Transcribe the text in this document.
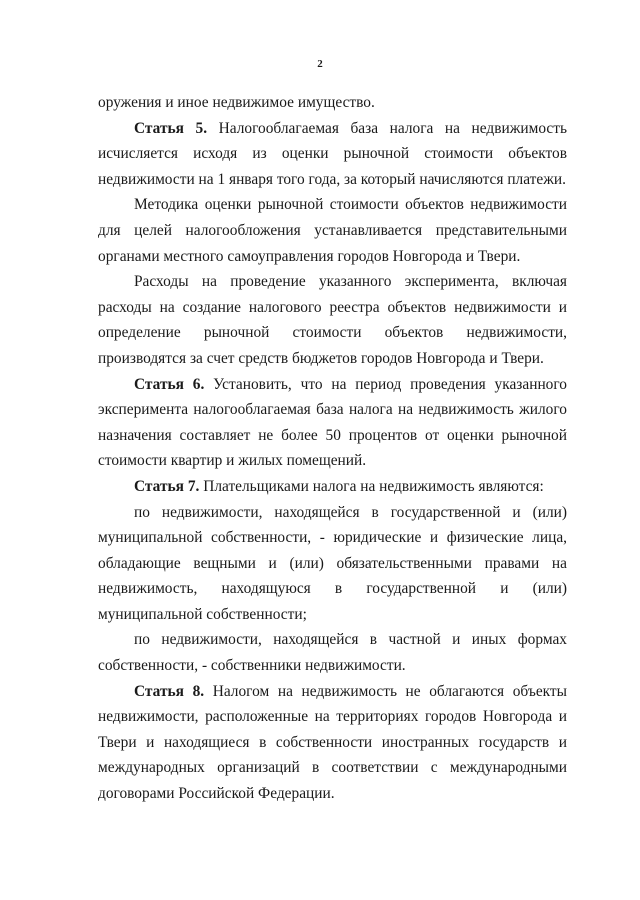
2

оружения и иное недвижимое имущество.

Статья 5. Налогооблагаемая база налога на недвижимость исчисляется исходя из оценки рыночной стоимости объектов недвижимости на 1 января того года, за который начисляются платежи.

Методика оценки рыночной стоимости объектов недвижимости для целей налогообложения устанавливается представительными органами местного самоуправления городов Новгорода и Твери.

Расходы на проведение указанного эксперимента, включая расходы на создание налогового реестра объектов недвижимости и определение рыночной стоимости объектов недвижимости, производятся за счет средств бюджетов городов Новгорода и Твери.

Статья 6. Установить, что на период проведения указанного эксперимента налогооблагаемая база налога на недвижимость жилого назначения составляет не более 50 процентов от оценки рыночной стоимости квартир и жилых помещений.

Статья 7. Плательщиками налога на недвижимость являются:

по недвижимости, находящейся в государственной и (или) муниципальной собственности, - юридические и физические лица, обладающие вещными и (или) обязательственными правами на недвижимость, находящуюся в государственной и (или) муниципальной собственности;

по недвижимости, находящейся в частной и иных формах собственности, - собственники недвижимости.

Статья 8. Налогом на недвижимость не облагаются объекты недвижимости, расположенные на территориях городов Новгорода и Твери и находящиеся в собственности иностранных государств и международных организаций в соответствии с международными договорами Российской Федерации.
